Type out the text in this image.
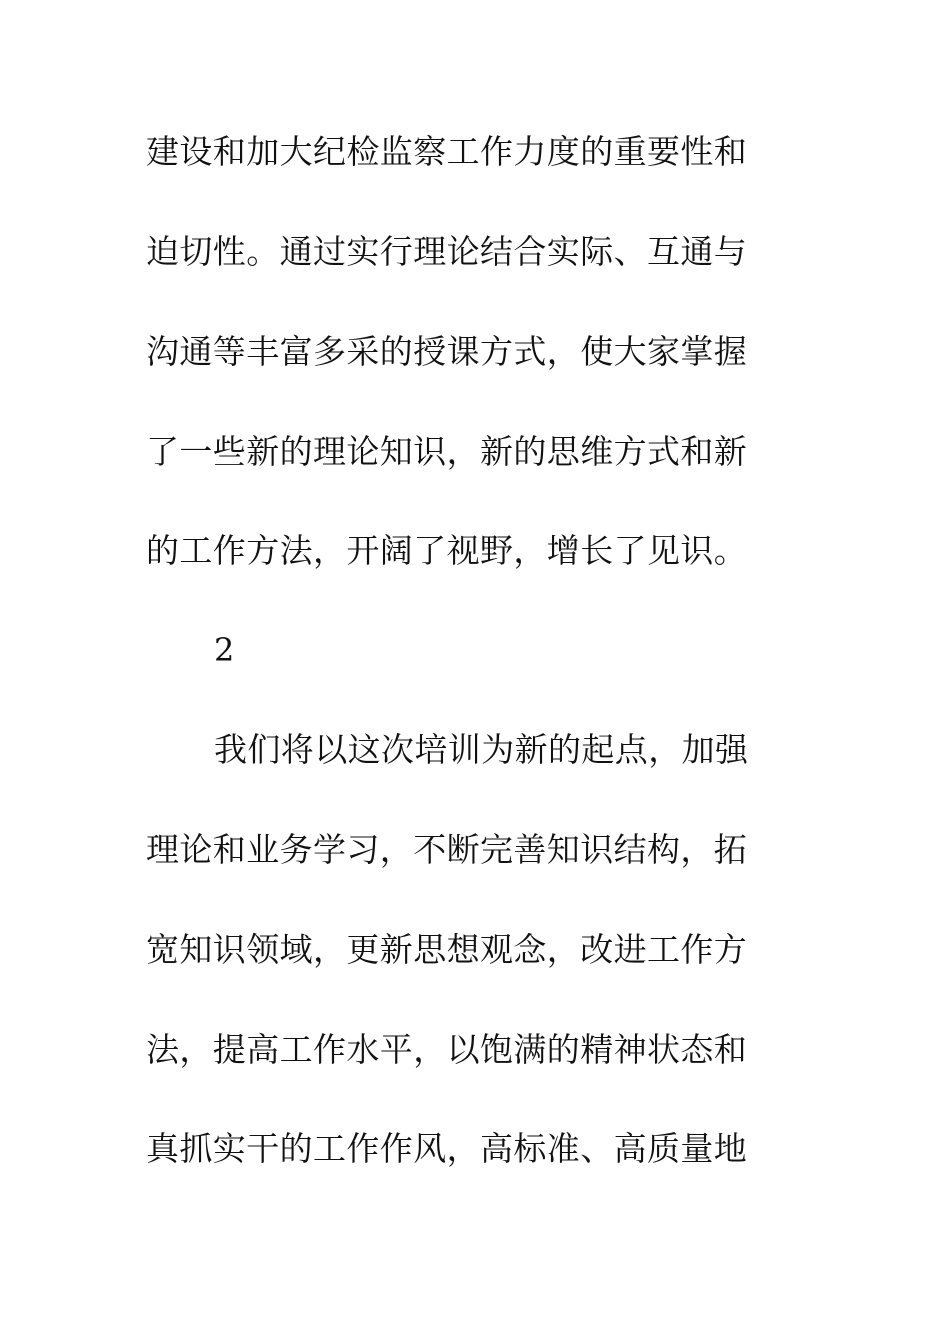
建设和加大纪检监察工作力度的重要性和
迫切性。通过实行理论结合实际、互通与
沟通等丰富多采的授课方式，使大家掌握
了一些新的理论知识，新的思维方式和新
的工作方法，开阔了视野，增长了见识。
2
我们将以这次培训为新的起点，加强
理论和业务学习，不断完善知识结构，拓
宽知识领域，更新思想观念，改进工作方
法，提高工作水平，以饱满的精神状态和
真抓实干的工作作风，高标准、高质量地
